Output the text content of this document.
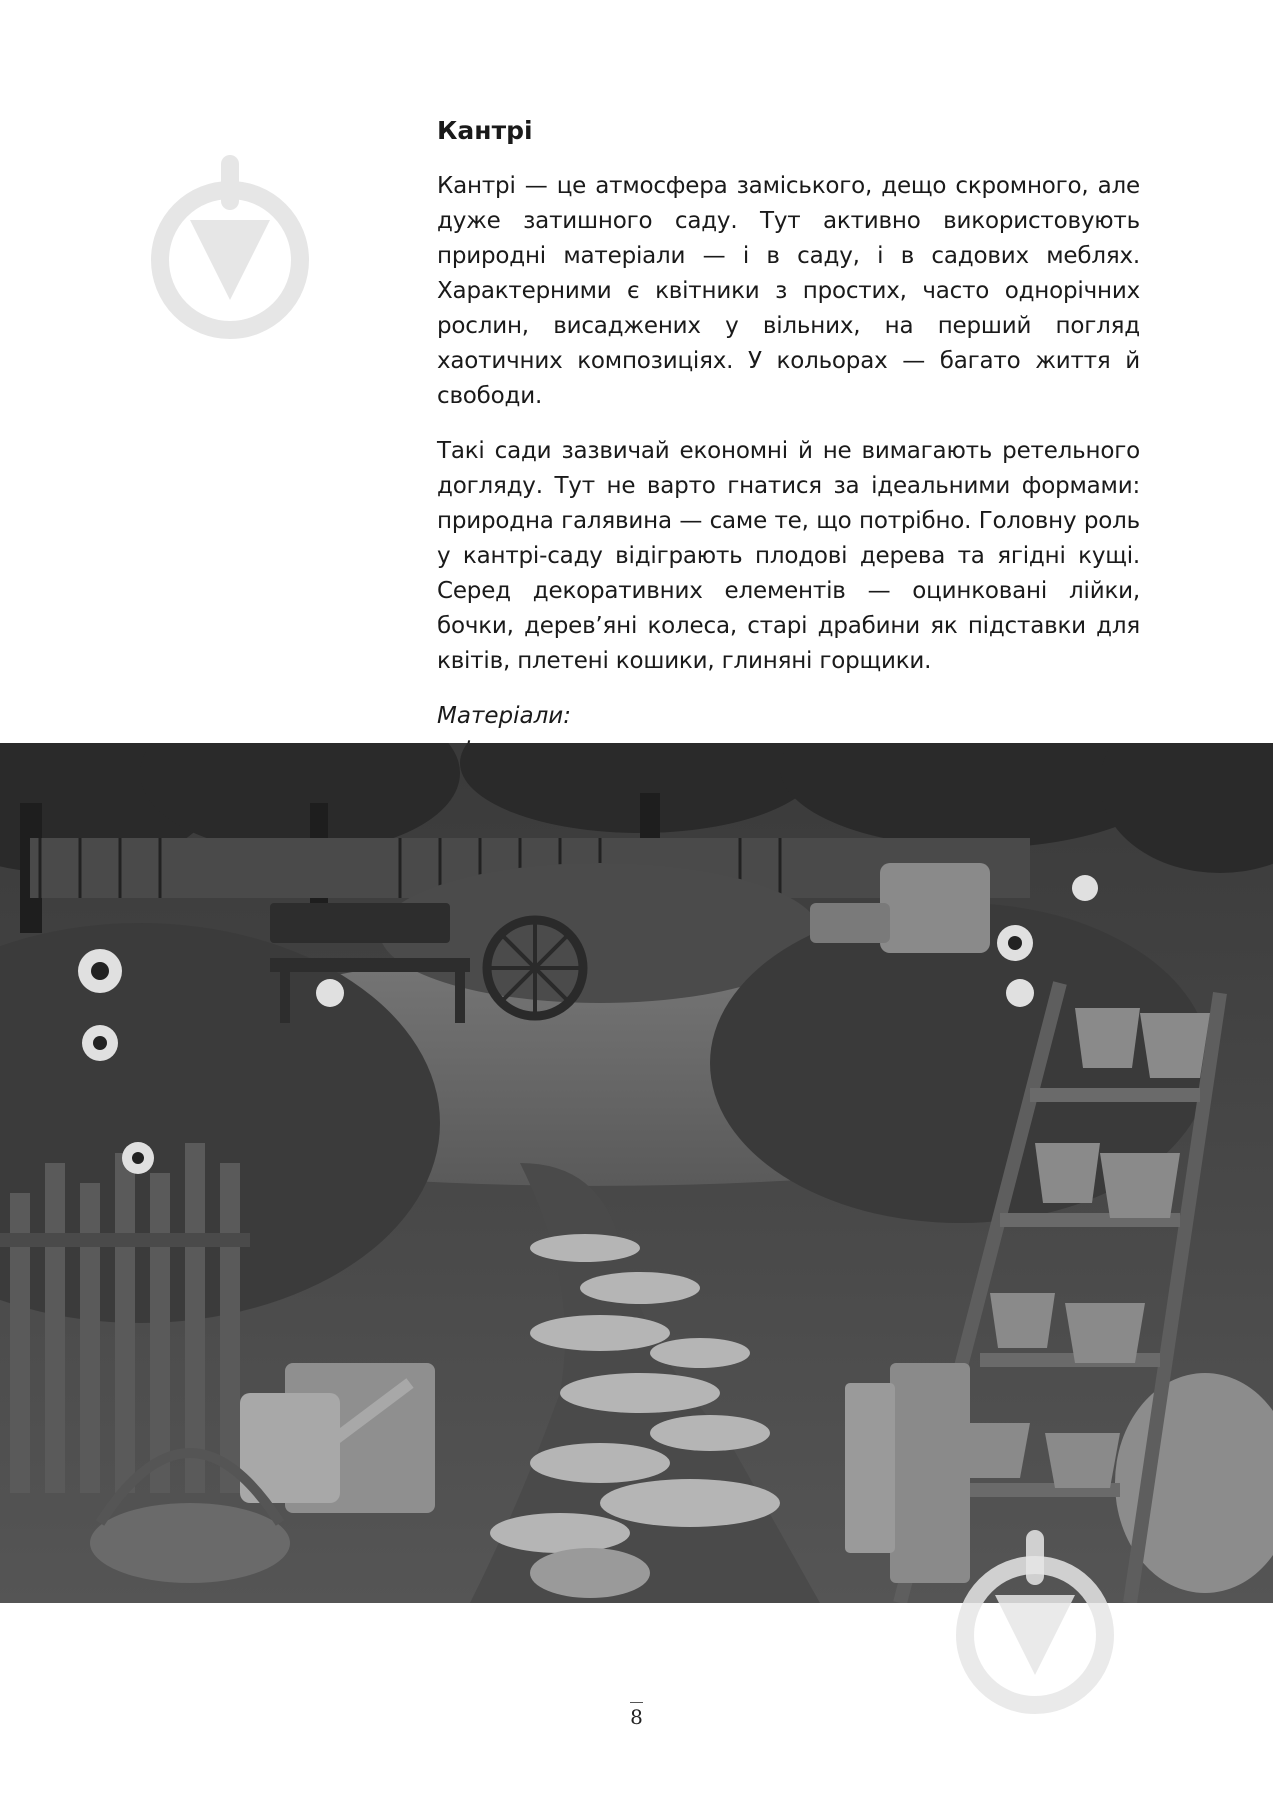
Кантрі

Кантрі — це атмосфера заміського, дещо скромного, але дуже затишного саду. Тут активно використовують природні матеріали — і в саду, і в садових меблях. Характерними є квітники з простих, часто однорічних рослин, висаджених у вільних, на перший погляд хаотичних композиціях. У кольорах — багато життя й свободи.

Такі сади зазвичай економні й не вимагають ретельного догляду. Тут не варто гнатися за ідеальними формами: природна галявина — саме те, що потрібно. Головну роль у кантрі-саду відіграють плодові дерева та ягідні кущі. Серед декоративних елементів — оцинковані лійки, бочки, дерев’яні колеса, старі драбини як підставки для квітів, плетені кошики, глиняні горщики.

Матеріали:

8
